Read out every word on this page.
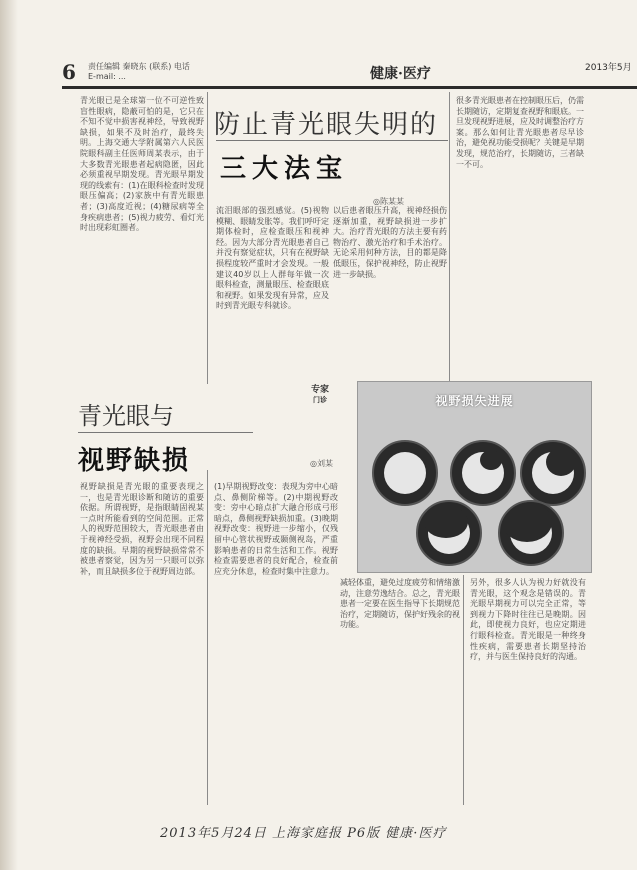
6 责任编辑 秦晓东 (联系) 电话
E-mail: ...	健康·医疗	2013年5月
青光眼已是全球第一位不可逆性致盲性眼病，隐蔽可怕的是，它只在不知不觉中损害视神经，导致视野缺损，如果不及时治疗，最终失明。上海交通大学附属第六人民医院眼科副主任医师周某表示，由于大多数青光眼患者起病隐匿，因此必须重视早期发现。青光眼早期发现的线索有：(1)在眼科检查时发现眼压偏高；(2)家族中有青光眼患者；(3)高度近视；(4)糖尿病等全身疾病患者；(5)视力疲劳、看灯光时出现彩虹圈者。
防止青光眼失明的
三大法宝
◎陈某某
流泪眼部的强烈感觉。(5)视物模糊、眼睛发胀等。我们呼吁定期体检时，应检查眼压和视神经。因为大部分青光眼患者自己并没有察觉症状，只有在视野缺损程度较严重时才会发现。一般建议40岁以上人群每年做一次眼科检查，测量眼压、检查眼底和视野。如果发现有异常，应及时到青光眼专科就诊。
以后患者眼压升高，视神经损伤逐渐加重，视野缺损进一步扩大。治疗青光眼的方法主要有药物治疗、激光治疗和手术治疗。无论采用何种方法，目的都是降低眼压，保护视神经，防止视野进一步缺损。
很多青光眼患者在控制眼压后，仍需长期随访，定期复查视野和眼底。一旦发现视野进展，应及时调整治疗方案。那么如何让青光眼患者尽早诊治，避免视功能受损呢？关键是早期发现，规范治疗，长期随访，三者缺一不可。
专家
门诊
青光眼与
视野缺损	◎刘某
视野缺损是青光眼的重要表现之一，也是青光眼诊断和随访的重要依据。所谓视野，是指眼睛固视某一点时所能看到的空间范围。正常人的视野范围较大，青光眼患者由于视神经受损，视野会出现不同程度的缺损。早期的视野缺损常常不被患者察觉，因为另一只眼可以弥补，而且缺损多位于视野周边部。
(1)早期视野改变：表现为旁中心暗点、鼻侧阶梯等。(2)中期视野改变：旁中心暗点扩大融合形成弓形暗点，鼻侧视野缺损加重。(3)晚期视野改变：视野进一步缩小，仅残留中心管状视野或颞侧视岛，严重影响患者的日常生活和工作。视野检查需要患者的良好配合，检查前应充分休息，检查时集中注意力。
视野损失进展
减轻体重，避免过度疲劳和情绪激动，注意劳逸结合。总之，青光眼患者一定要在医生指导下长期规范治疗，定期随访，保护好残余的视功能。
另外，很多人认为视力好就没有青光眼，这个观念是错误的。青光眼早期视力可以完全正常，等到视力下降时往往已是晚期。因此，即使视力良好，也应定期进行眼科检查。青光眼是一种终身性疾病，需要患者长期坚持治疗，并与医生保持良好的沟通。
2013年5月24日 上海家庭报 P6版 健康·医疗
